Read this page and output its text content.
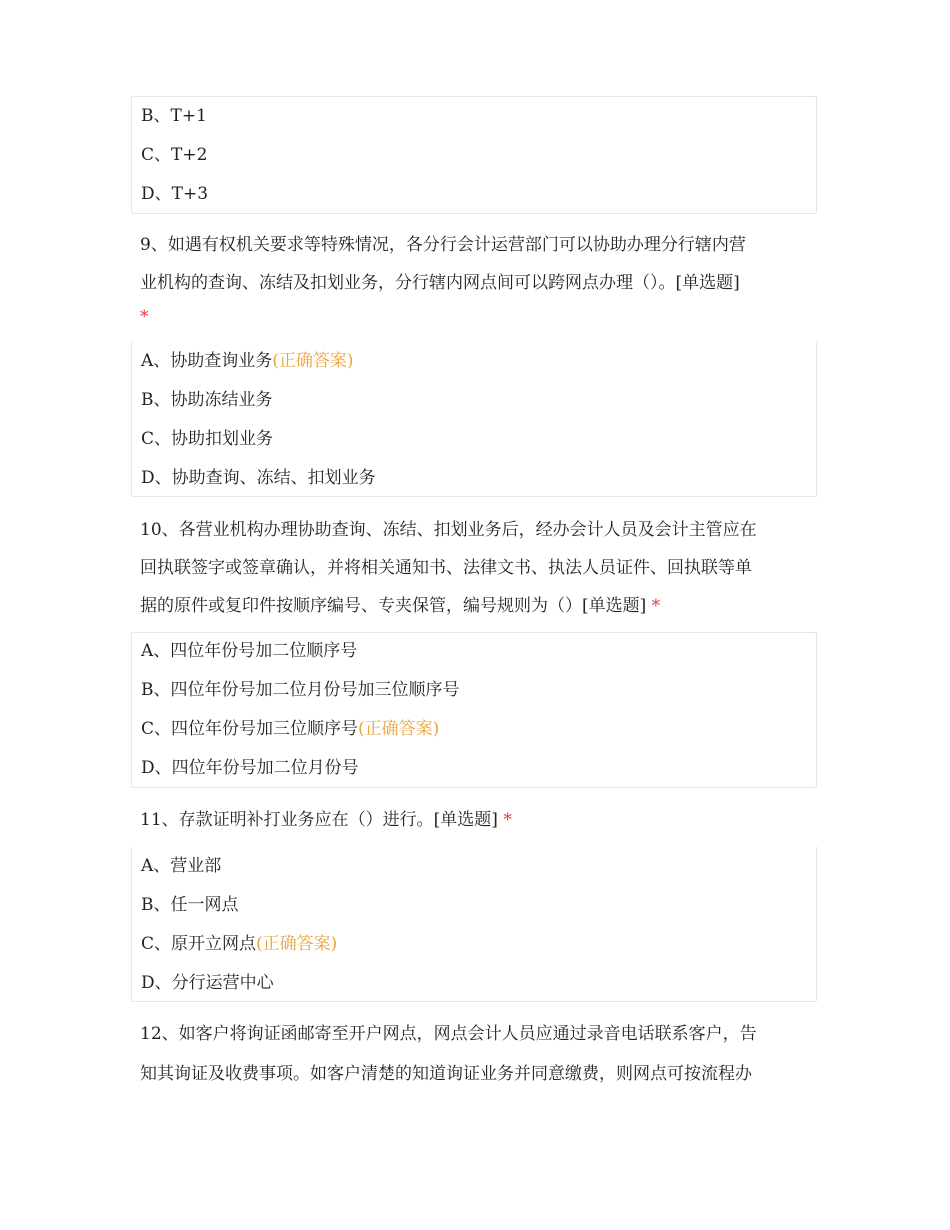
B、T+1
C、T+2
D、T+3
9、如遇有权机关要求等特殊情况，各分行会计运营部门可以协助办理分行辖内营
业机构的查询、冻结及扣划业务，分行辖内网点间可以跨网点办理（）。[单选题]
*
A、协助查询业务(正确答案)
B、协助冻结业务
C、协助扣划业务
D、协助查询、冻结、扣划业务
10、各营业机构办理协助查询、冻结、扣划业务后，经办会计人员及会计主管应在
回执联签字或签章确认，并将相关通知书、法律文书、执法人员证件、回执联等单
据的原件或复印件按顺序编号、专夹保管，编号规则为（）[单选题] *
A、四位年份号加二位顺序号
B、四位年份号加二位月份号加三位顺序号
C、四位年份号加三位顺序号(正确答案)
D、四位年份号加二位月份号
11、存款证明补打业务应在（）进行。[单选题] *
A、营业部
B、任一网点
C、原开立网点(正确答案)
D、分行运营中心
12、如客户将询证函邮寄至开户网点，网点会计人员应通过录音电话联系客户，告
知其询证及收费事项。如客户清楚的知道询证业务并同意缴费，则网点可按流程办
